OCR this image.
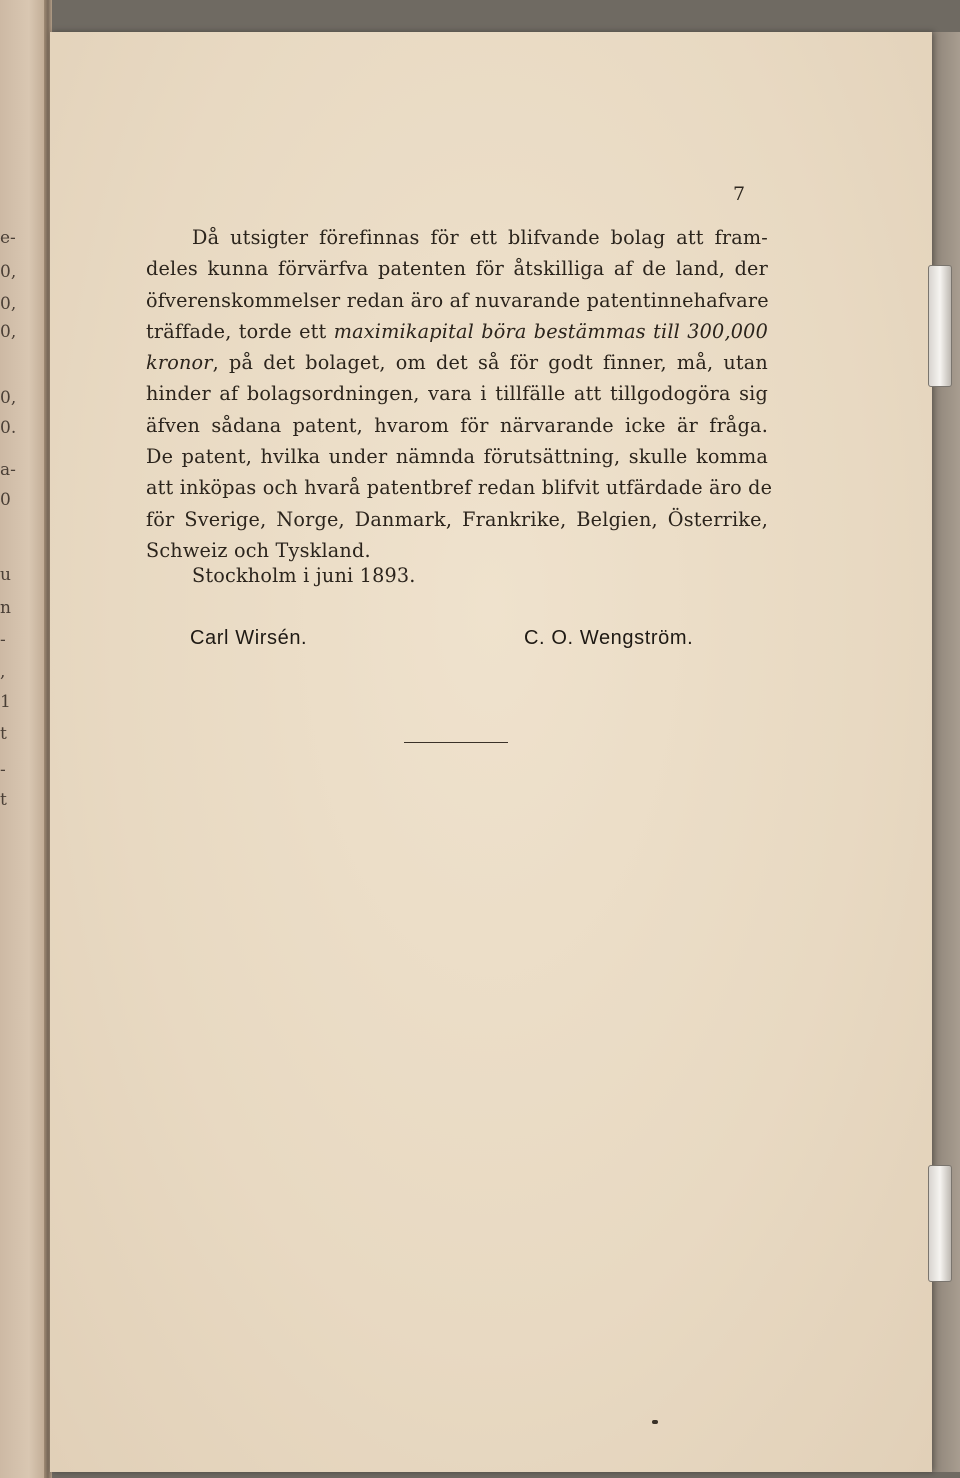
e-
0,
0,
0,
0,
0.
a-
0
u
n
-
,
1
t
-
t
7
Då utsigter förefinnas för ett blifvande bolag att fram-
deles kunna förvärfva patenten för åtskilliga af de land, der
öfverenskommelser redan äro af nuvarande patentinnehafvare
träffade, torde ett maximikapital böra bestämmas till 300,000
kronor, på det bolaget, om det så för godt finner, må, utan
hinder af bolagsordningen, vara i tillfälle att tillgodogöra sig
äfven sådana patent, hvarom för närvarande icke är fråga.
De patent, hvilka under nämnda förutsättning, skulle komma
att inköpas och hvarå patentbref redan blifvit utfärdade äro de
för Sverige, Norge, Danmark, Frankrike, Belgien, Österrike,
Schweiz och Tyskland.
Stockholm i juni 1893.
Carl Wirsén.	C. O. Wengström.
